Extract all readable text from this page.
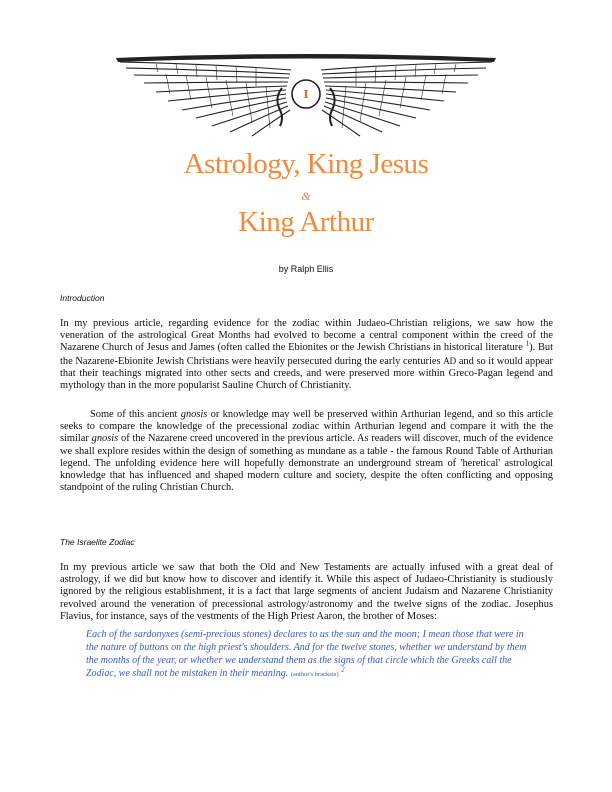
I
Astrology, King Jesus
&
King Arthur
by Ralph Ellis
Introduction

In my previous article, regarding evidence for the zodiac within Judaeo-Christian religions, we saw how the veneration of the astrological Great Months had evolved to become a central component within the creed of the Nazarene Church of Jesus and James (often called the Ebionites or the Jewish Christians in historical literature $^1$). But the Nazarene-Ebionite Jewish Christians were heavily persecuted during the early centuries AD and so it would appear that their teachings migrated into other sects and creeds, and were preserved more within Greco-Pagan legend and mythology than in the more popularist Sauline Church of Christianity.

Some of this ancient gnosis or knowledge may well be preserved within Arthurian legend, and so this article seeks to compare the knowledge of the precessional zodiac within Arthurian legend and compare it with the the similar gnosis of the Nazarene creed uncovered in the previous article. As readers will discover, much of the evidence we shall explore resides within the design of something as mundane as a table - the famous Round Table of Arthurian legend. The unfolding evidence here will hopefully demonstrate an underground stream of 'heretical' astrological knowledge that has influenced and shaped modern culture and society, despite the often conflicting and opposing standpoint of the ruling Christian Church.

The Israelite Zodiac

In my previous article we saw that both the Old and New Testaments are actually infused with a great deal of astrology, if we did but know how to discover and identify it. While this aspect of Judaeo-Christianity is studiously ignored by the religious establishment, it is a fact that large segments of ancient Judaism and Nazarene Christianity revolved around the veneration of precessional astrology/astronomy and the twelve signs of the zodiac. Josephus Flavius, for instance, says of the vestments of the High Priest Aaron, the brother of Moses:

Each of the sardonyxes (semi-precious stones) declares to us the sun and the moon; I mean those that were in the nature of buttons on the high priest's shoulders. And for the twelve stones, whether we understand by them the months of the year, or whether we understand them as the signs of that circle which the Greeks call the Zodiac, we shall not be mistaken in their meaning. (author's brackets) $^2$
